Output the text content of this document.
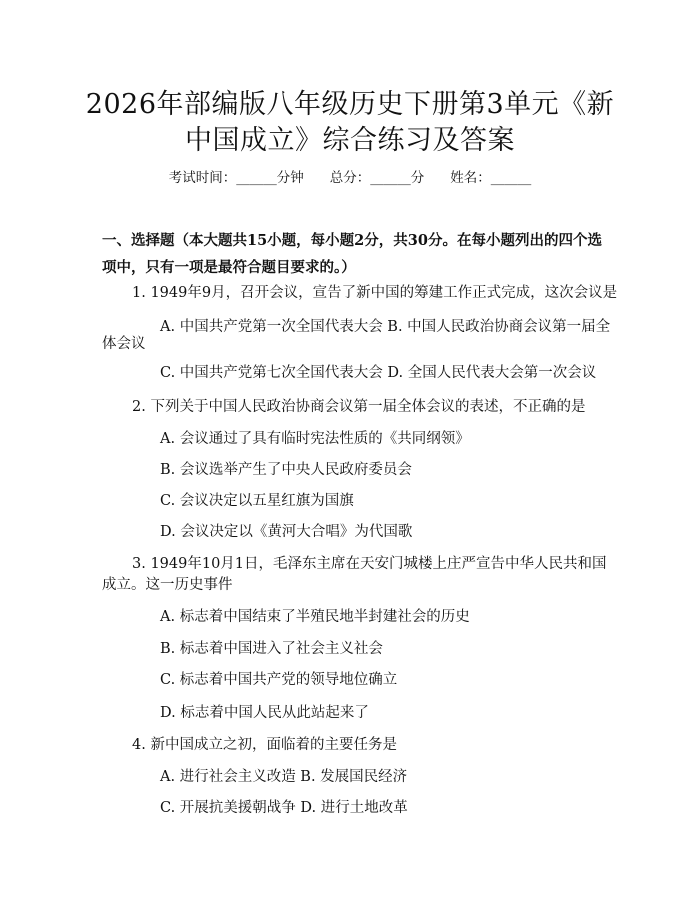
2026年部编版八年级历史下册第3单元《新
中国成立》综合练习及答案
考试时间：______分钟 总分：______分 姓名：______
一、选择题（本大题共15小题，每小题2分，共30分。在每小题列出的四个选
项中，只有一项是最符合题目要求的。）

1. 1949年9月，召开会议，宣告了新中国的筹建工作正式完成，这次会议是

A. 中国共产党第一次全国代表大会 B. 中国人民政治协商会议第一届全

体会议

C. 中国共产党第七次全国代表大会 D. 全国人民代表大会第一次会议

2. 下列关于中国人民政治协商会议第一届全体会议的表述，不正确的是

A. 会议通过了具有临时宪法性质的《共同纲领》

B. 会议选举产生了中央人民政府委员会

C. 会议决定以五星红旗为国旗

D. 会议决定以《黄河大合唱》为代国歌

3. 1949年10月1日，毛泽东主席在天安门城楼上庄严宣告中华人民共和国

成立。这一历史事件

A. 标志着中国结束了半殖民地半封建社会的历史

B. 标志着中国进入了社会主义社会

C. 标志着中国共产党的领导地位确立

D. 标志着中国人民从此站起来了

4. 新中国成立之初，面临着的主要任务是

A. 进行社会主义改造 B. 发展国民经济

C. 开展抗美援朝战争 D. 进行土地改革
